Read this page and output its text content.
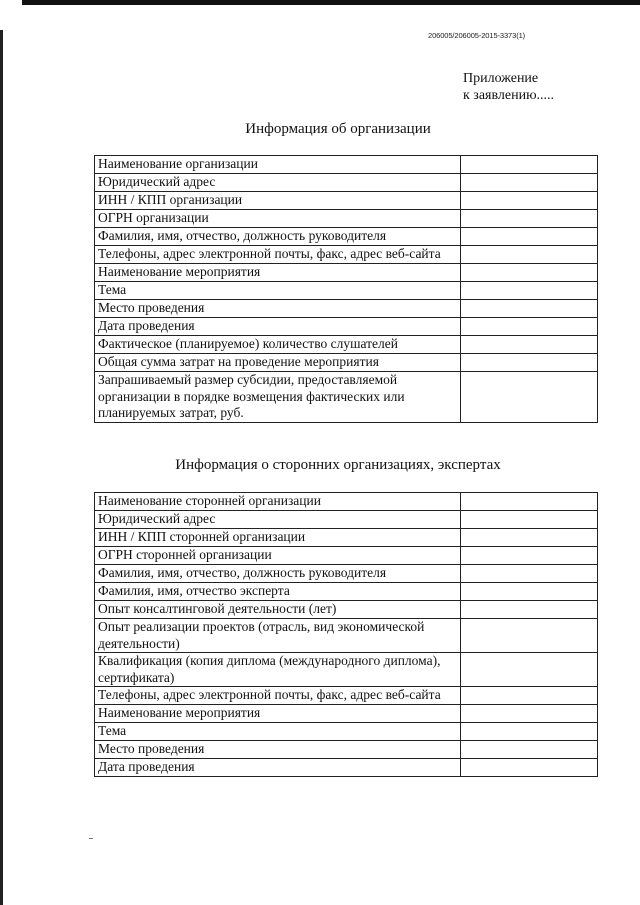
206005/206005-2015-3373(1)
Приложение
к заявлению.....
Информация об организации
Наименование организации	
Юридический адрес	
ИНН / КПП организации	
ОГРН организации	
Фамилия, имя, отчество, должность руководителя	
Телефоны, адрес электронной почты, факс, адрес веб-сайта	
Наименование мероприятия	
Тема	
Место проведения	
Дата проведения	
Фактическое (планируемое) количество слушателей	
Общая сумма затрат на проведение мероприятия	
Запрашиваемый размер субсидии, предоставляемой организации в порядке возмещения фактических или планируемых затрат, руб.	
Информация о сторонних организациях, экспертах
Наименование сторонней организации	
Юридический адрес	
ИНН / КПП сторонней организации	
ОГРН сторонней организации	
Фамилия, имя, отчество, должность руководителя	
Фамилия, имя, отчество эксперта	
Опыт консалтинговой деятельности (лет)	
Опыт реализации проектов (отрасль, вид экономической деятельности)	
Квалификация (копия диплома (международного диплома), сертификата)	
Телефоны, адрес электронной почты, факс, адрес веб-сайта	
Наименование мероприятия	
Тема	
Место проведения	
Дата проведения	
